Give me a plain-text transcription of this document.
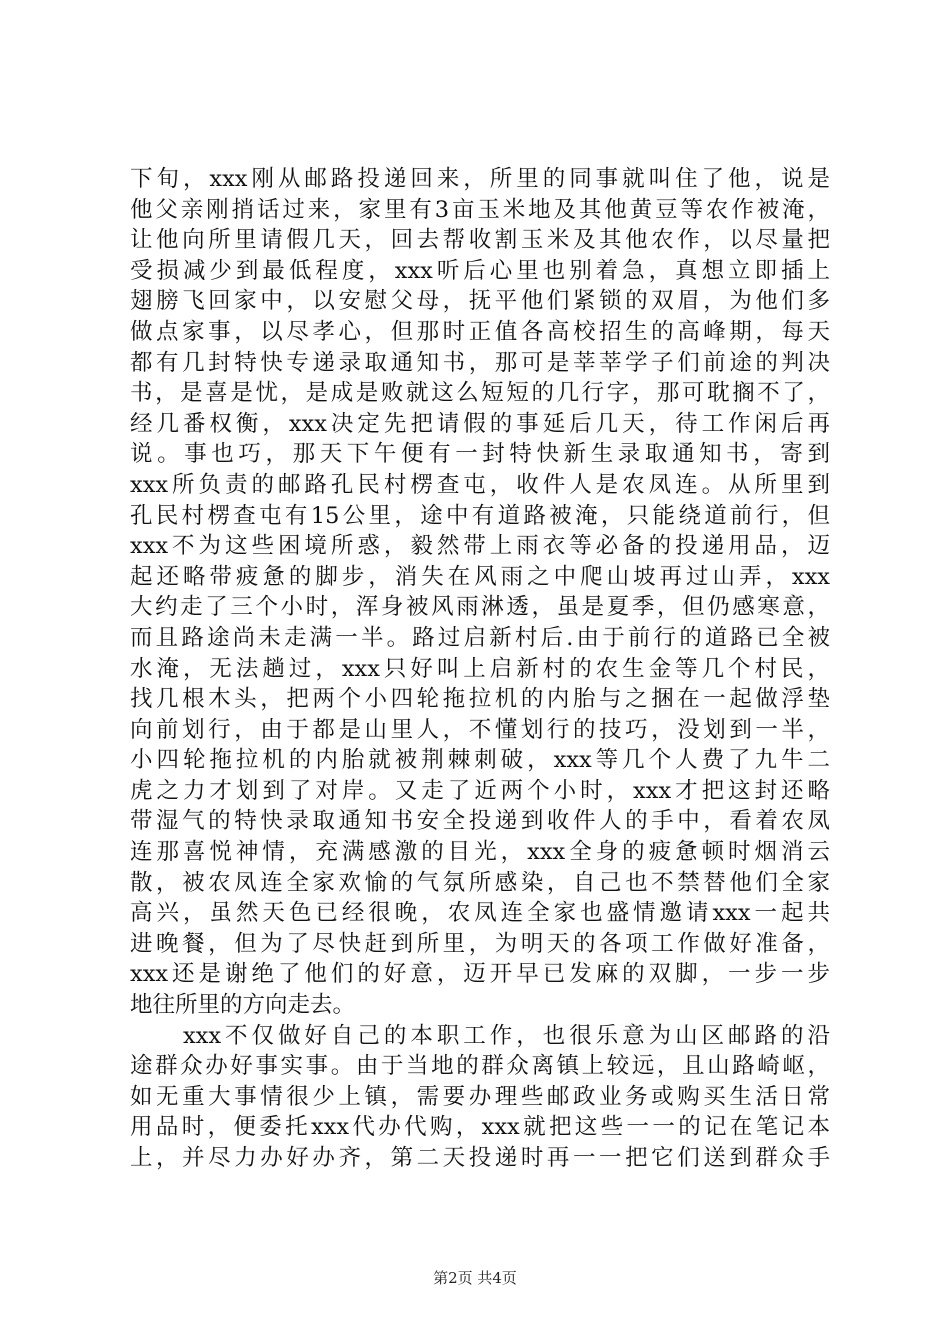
下旬，xxx刚从邮路投递回来，所里的同事就叫住了他，说是
他父亲刚捎话过来，家里有3亩玉米地及其他黄豆等农作被淹，
让他向所里请假几天，回去帮收割玉米及其他农作，以尽量把
受损减少到最低程度，xxx听后心里也别着急，真想立即插上
翅膀飞回家中，以安慰父母，抚平他们紧锁的双眉，为他们多
做点家事，以尽孝心，但那时正值各高校招生的高峰期，每天
都有几封特快专递录取通知书，那可是莘莘学子们前途的判决
书，是喜是忧，是成是败就这么短短的几行字，那可耽搁不了，
经几番权衡，xxx决定先把请假的事延后几天，待工作闲后再
说。事也巧，那天下午便有一封特快新生录取通知书，寄到
xxx所负责的邮路孔民村楞查屯，收件人是农凤连。从所里到
孔民村楞查屯有15公里，途中有道路被淹，只能绕道前行，但
xxx不为这些困境所惑，毅然带上雨衣等必备的投递用品，迈
起还略带疲惫的脚步，消失在风雨之中爬山坡再过山弄，xxx
大约走了三个小时，浑身被风雨淋透，虽是夏季，但仍感寒意，
而且路途尚未走满一半。路过启新村后.由于前行的道路已全被
水淹，无法趟过，xxx只好叫上启新村的农生金等几个村民，
找几根木头，把两个小四轮拖拉机的内胎与之捆在一起做浮垫
向前划行，由于都是山里人，不懂划行的技巧，没划到一半，
小四轮拖拉机的内胎就被荆棘刺破，xxx等几个人费了九牛二
虎之力才划到了对岸。又走了近两个小时，xxx才把这封还略
带湿气的特快录取通知书安全投递到收件人的手中，看着农凤
连那喜悦神情，充满感激的目光，xxx全身的疲惫顿时烟消云
散，被农凤连全家欢愉的气氛所感染，自己也不禁替他们全家
高兴，虽然天色已经很晚，农凤连全家也盛情邀请xxx一起共
进晚餐，但为了尽快赶到所里，为明天的各项工作做好准备，
xxx还是谢绝了他们的好意，迈开早已发麻的双脚，一步一步
地往所里的方向走去。
　　xxx不仅做好自己的本职工作，也很乐意为山区邮路的沿
途群众办好事实事。由于当地的群众离镇上较远，且山路崎岖，
如无重大事情很少上镇，需要办理些邮政业务或购买生活日常
用品时，便委托xxx代办代购，xxx就把这些一一的记在笔记本
上，并尽力办好办齐，第二天投递时再一一把它们送到群众手
第2页 共4页
